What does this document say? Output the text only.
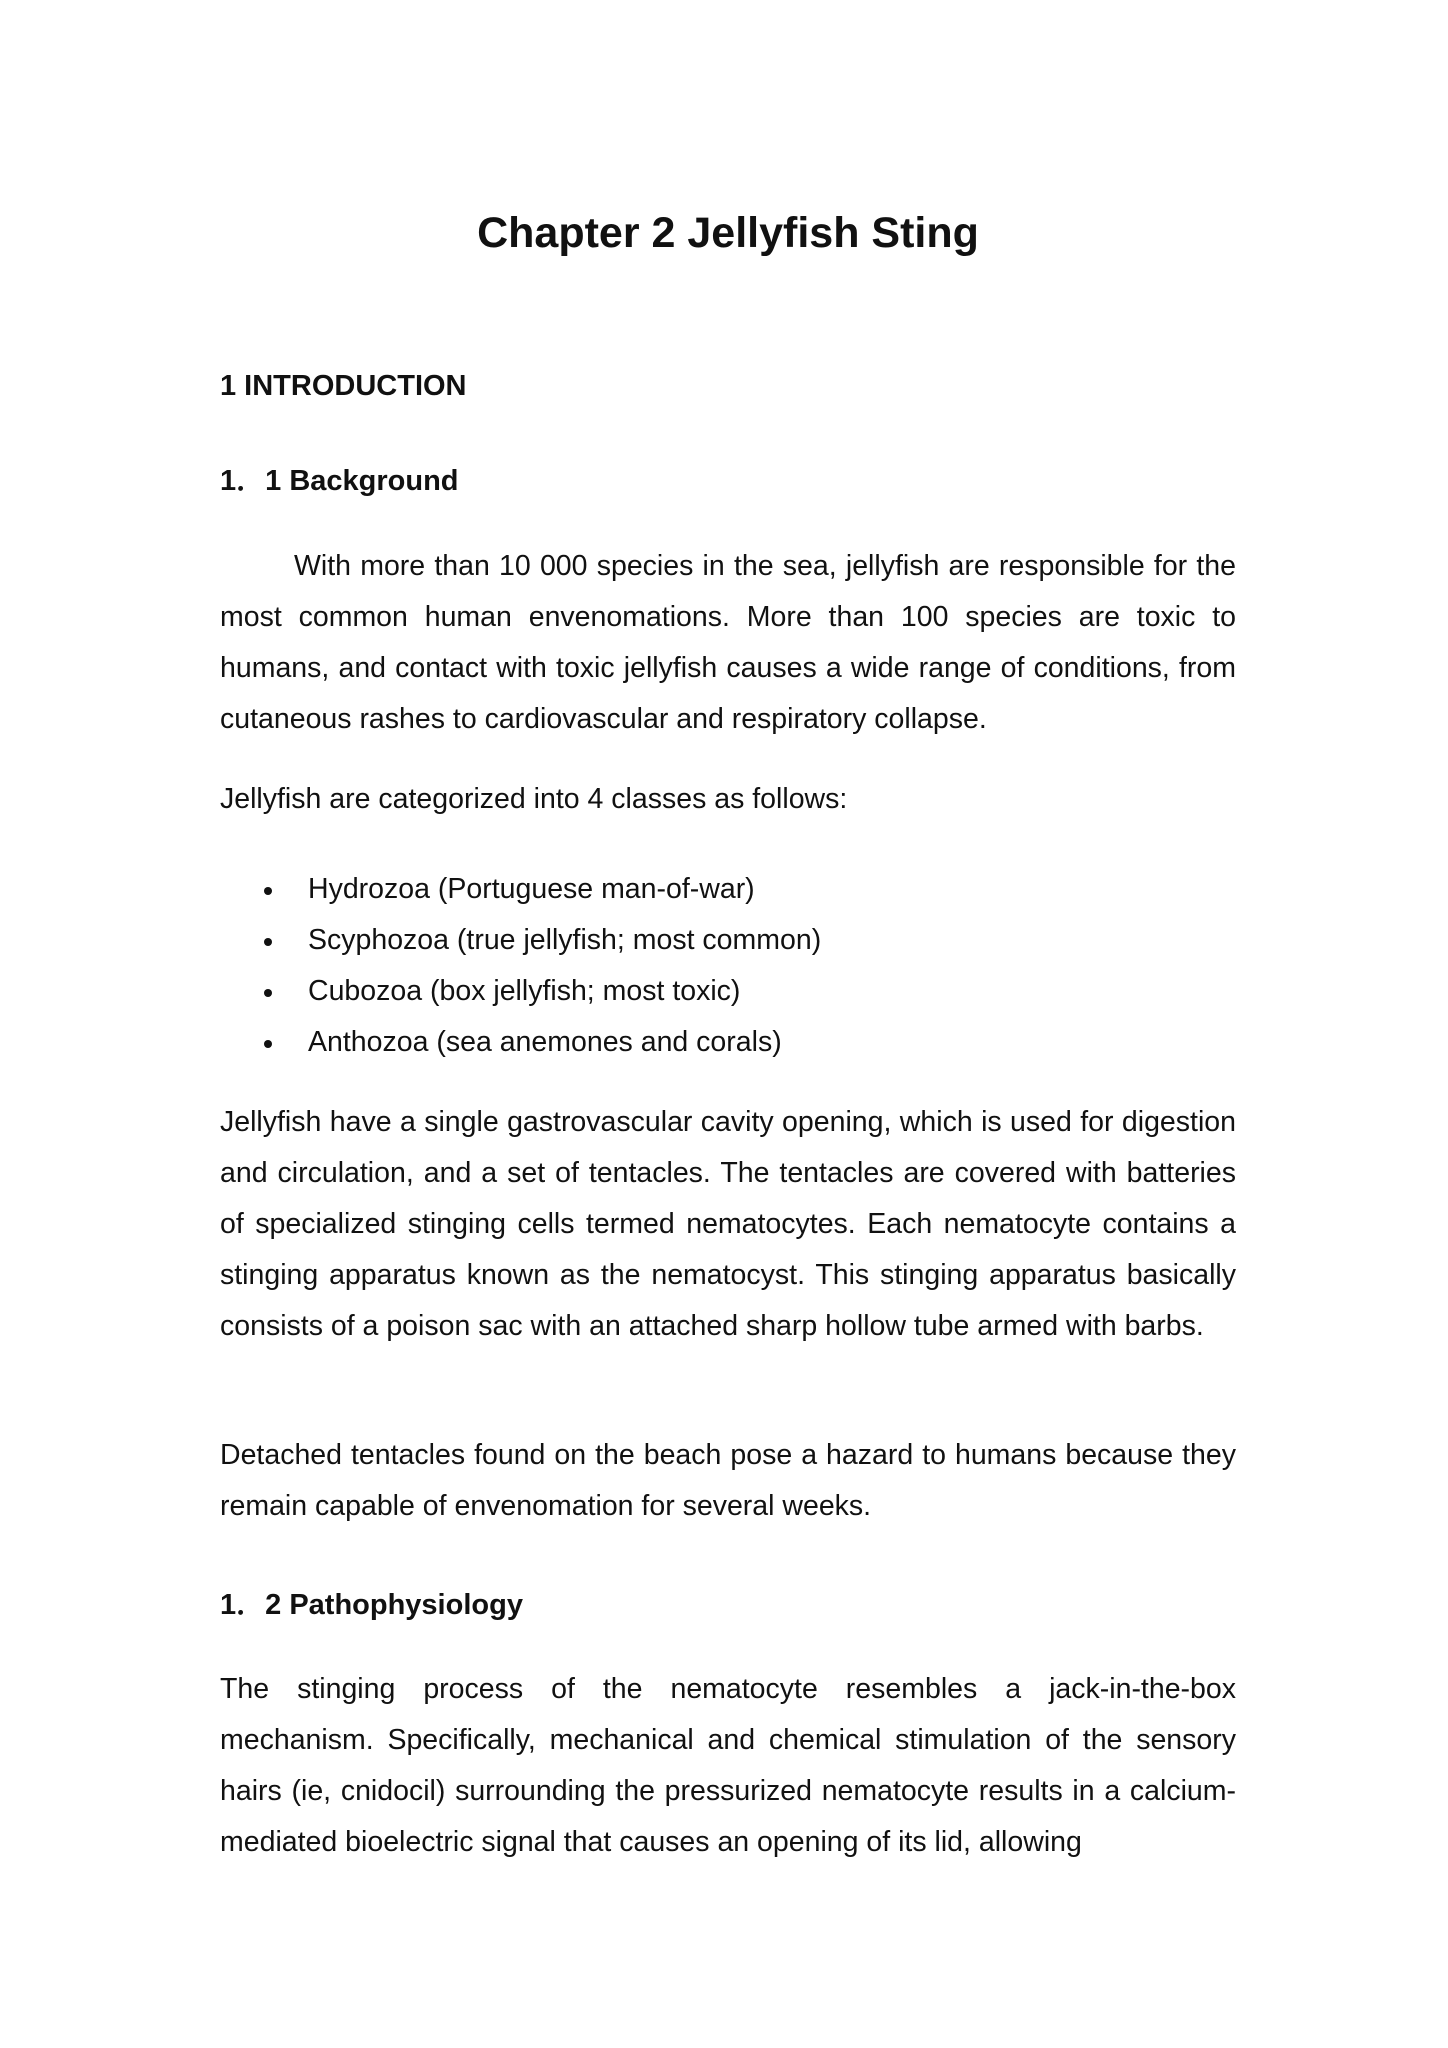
Chapter 2 Jellyfish Sting
1 INTRODUCTION
1．1 Background

With more than 10 000 species in the sea, jellyfish are responsible for the most common human envenomations. More than 100 species are toxic to humans, and contact with toxic jellyfish causes a wide range of conditions, from cutaneous rashes to cardiovascular and respiratory collapse.

Jellyfish are categorized into 4 classes as follows:

Hydrozoa (Portuguese man-of-war)
Scyphozoa (true jellyfish; most common)
Cubozoa (box jellyfish; most toxic)
Anthozoa (sea anemones and corals)

Jellyfish have a single gastrovascular cavity opening, which is used for digestion and circulation, and a set of tentacles. The tentacles are covered with batteries of specialized stinging cells termed nematocytes. Each nematocyte contains a stinging apparatus known as the nematocyst. This stinging apparatus basically consists of a poison sac with an attached sharp hollow tube armed with barbs.

Detached tentacles found on the beach pose a hazard to humans because they remain capable of envenomation for several weeks.

1．2 Pathophysiology

The stinging process of the nematocyte resembles a jack-in-the-box mechanism. Specifically, mechanical and chemical stimulation of the sensory hairs (ie, cnidocil) surrounding the pressurized nematocyte results in a calcium-mediated bioelectric signal that causes an opening of its lid, allowing
